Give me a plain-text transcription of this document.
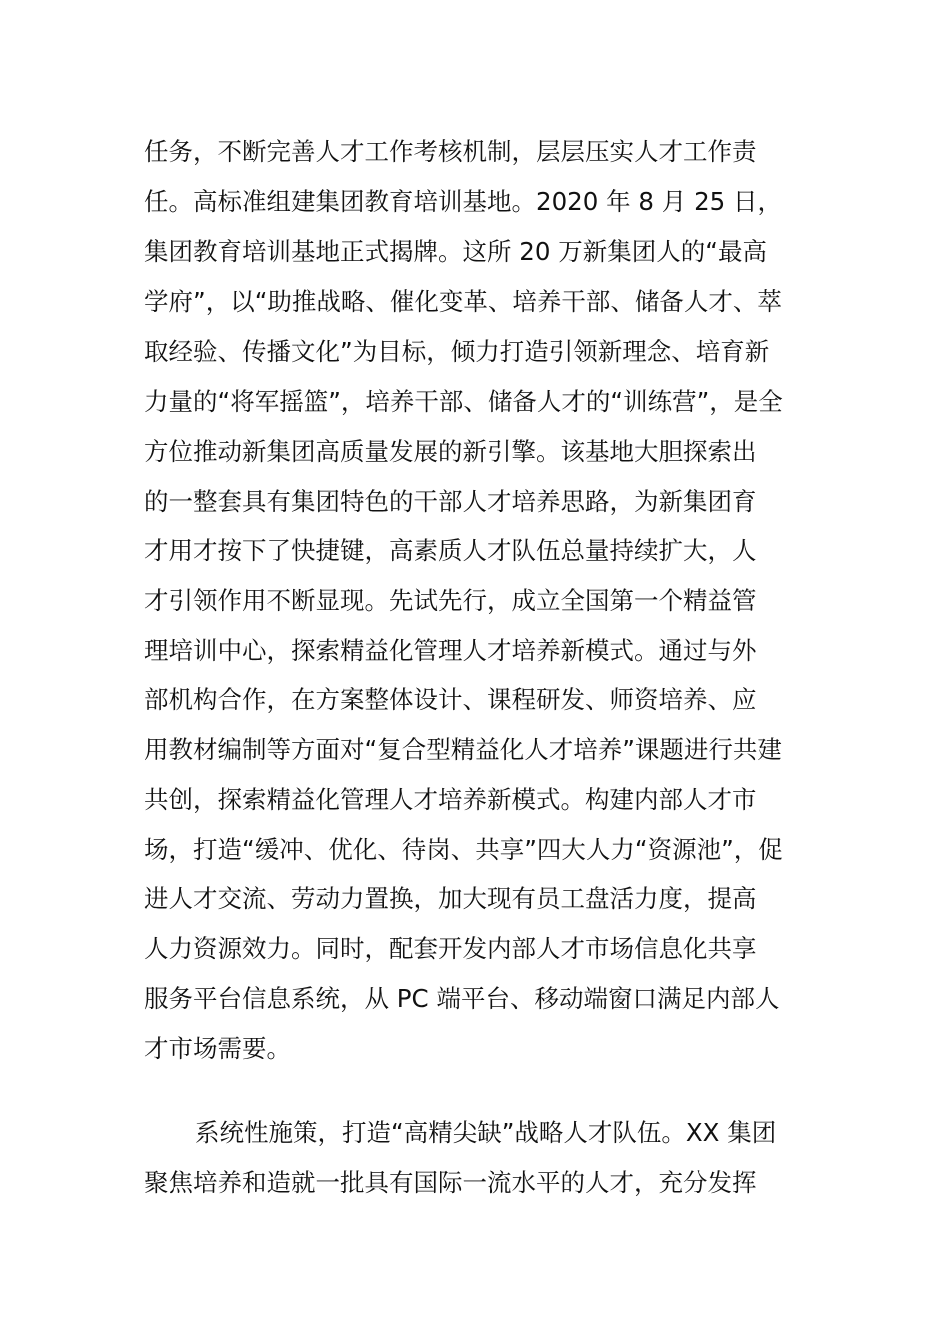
任务，不断完善人才工作考核机制，层层压实人才工作责
任。高标准组建集团教育培训基地。2020 年 8 月 25 日，
集团教育培训基地正式揭牌。这所 20 万新集团人的“最高
学府”，以“助推战略、催化变革、培养干部、储备人才、萃
取经验、传播文化”为目标，倾力打造引领新理念、培育新
力量的“将军摇篮”，培养干部、储备人才的“训练营”，是全
方位推动新集团高质量发展的新引擎。该基地大胆探索出
的一整套具有集团特色的干部人才培养思路，为新集团育
才用才按下了快捷键，高素质人才队伍总量持续扩大，人
才引领作用不断显现。先试先行，成立全国第一个精益管
理培训中心，探索精益化管理人才培养新模式。通过与外
部机构合作，在方案整体设计、课程研发、师资培养、应
用教材编制等方面对“复合型精益化人才培养”课题进行共建
共创，探索精益化管理人才培养新模式。构建内部人才市
场，打造“缓冲、优化、待岗、共享”四大人力“资源池”，促
进人才交流、劳动力置换，加大现有员工盘活力度，提高
人力资源效力。同时，配套开发内部人才市场信息化共享
服务平台信息系统，从 PC 端平台、移动端窗口满足内部人
才市场需要。
系统性施策，打造“高精尖缺”战略人才队伍。XX 集团
聚焦培养和造就一批具有国际一流水平的人才，充分发挥
